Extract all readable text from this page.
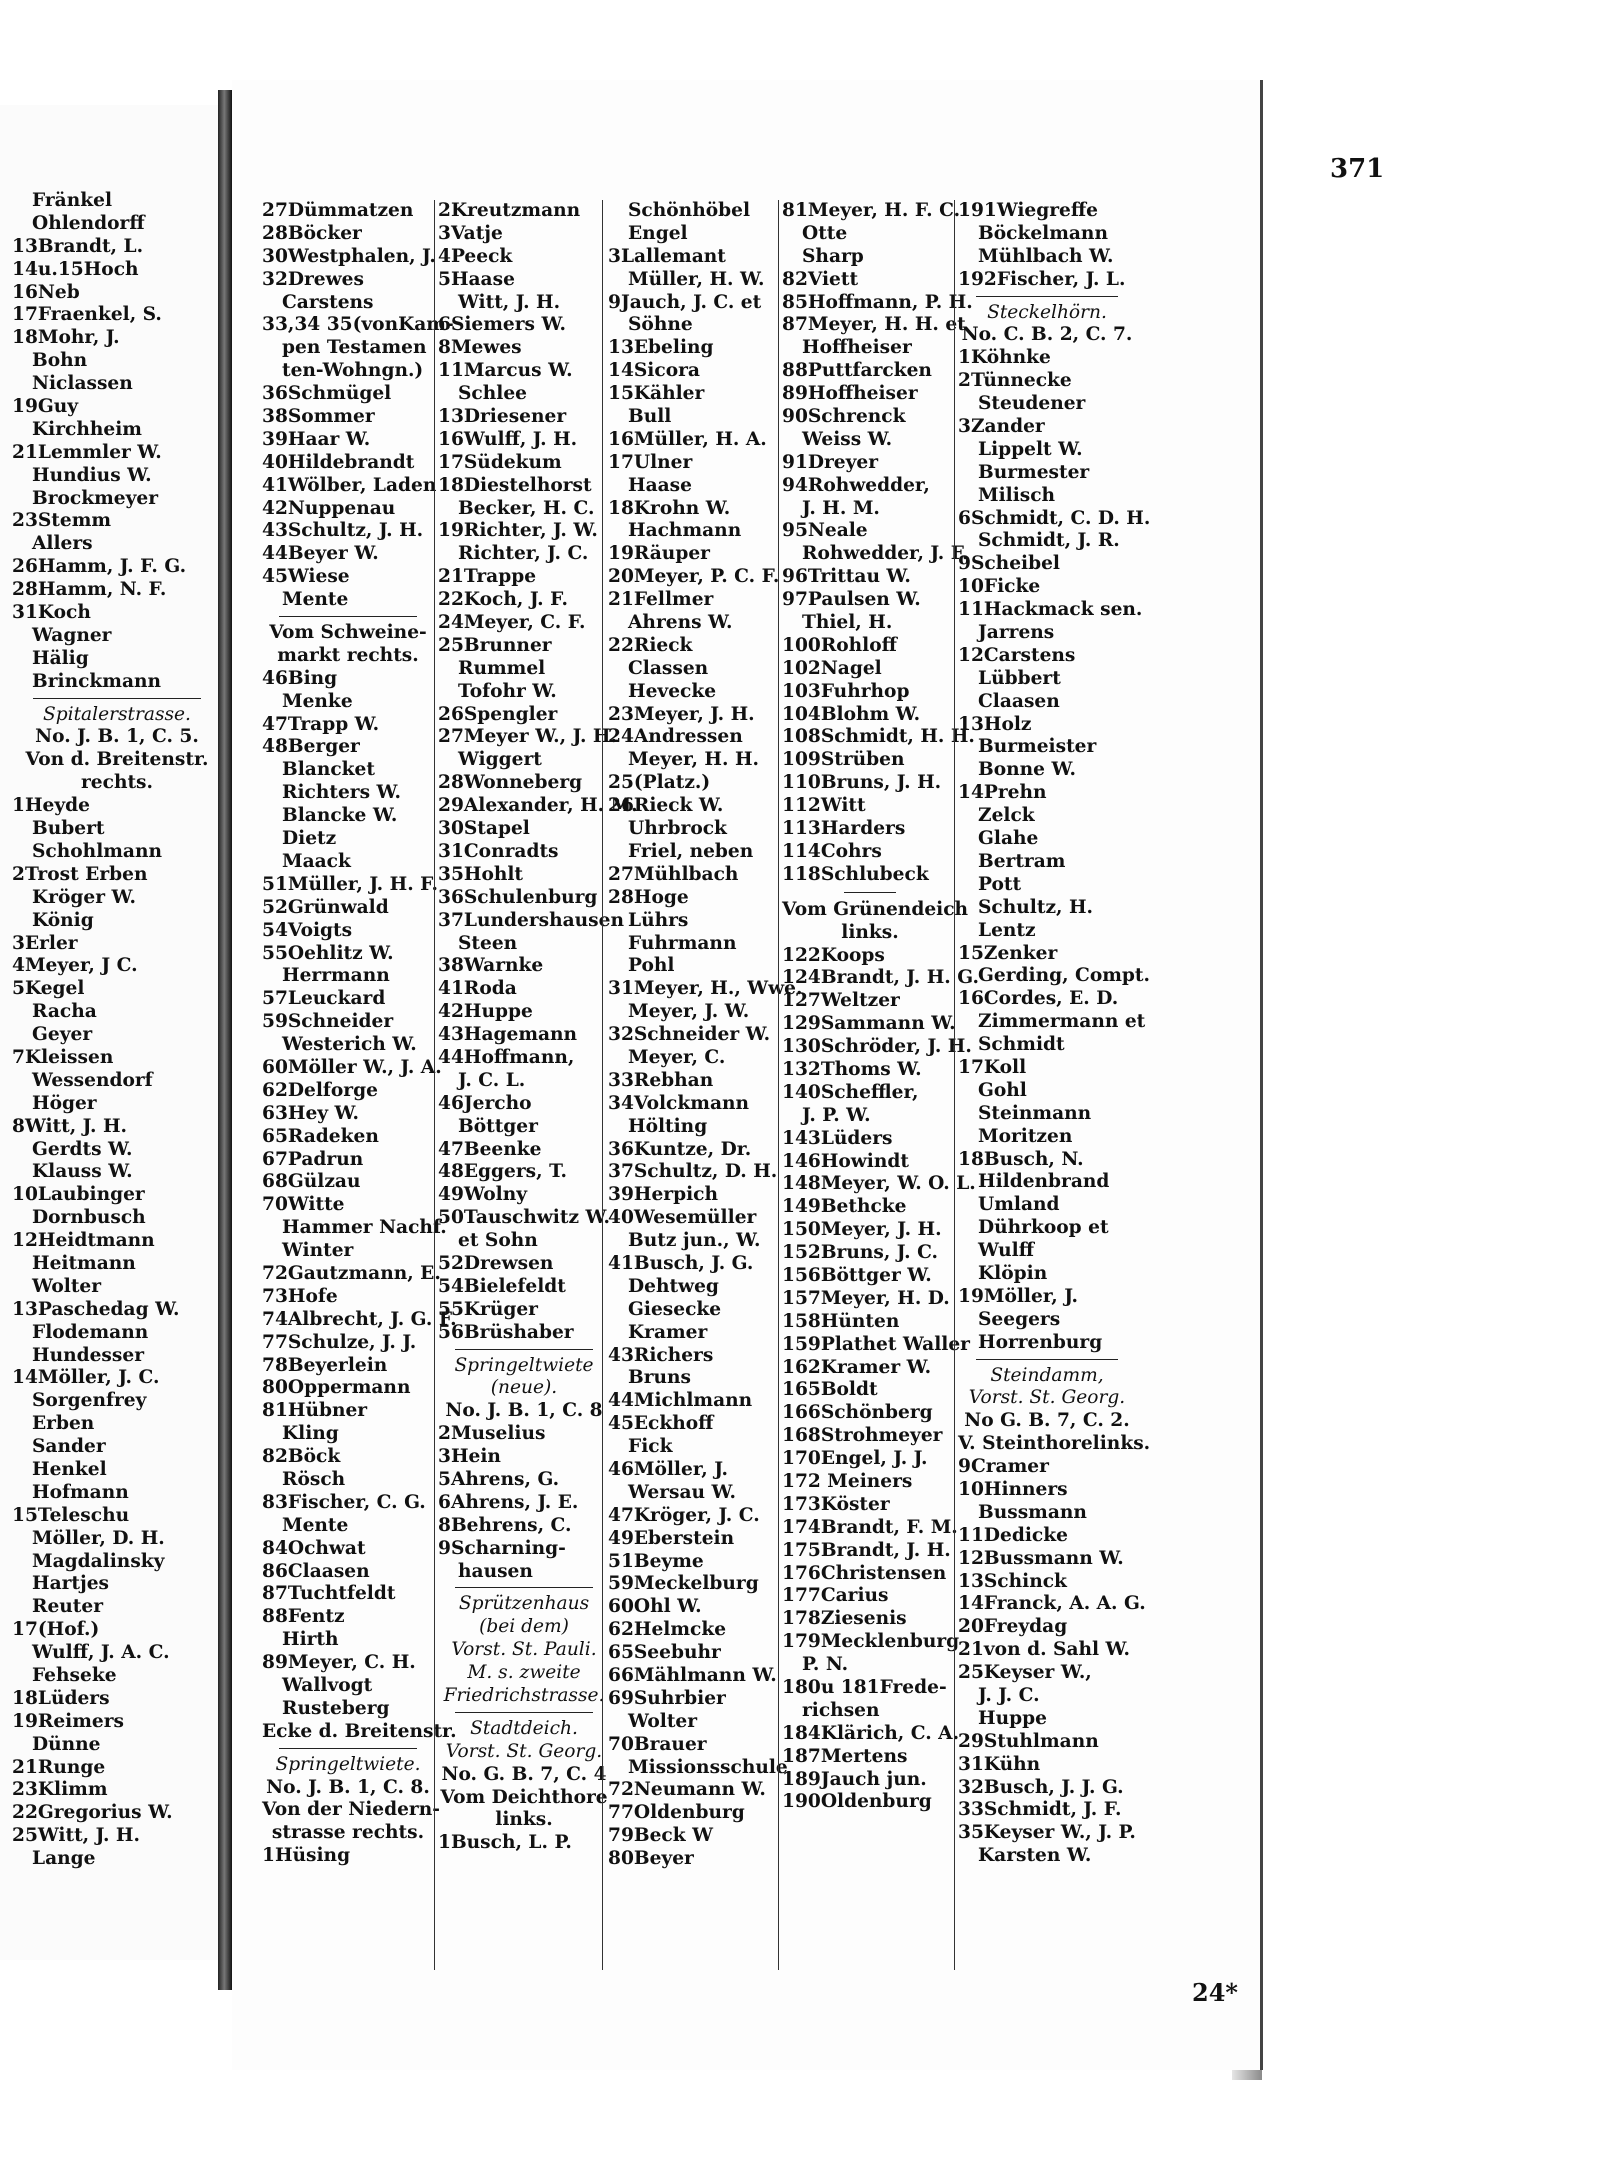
Fränkel
Ohlendorff
13Brandt, L.
14u.15Hoch
16Neb
17Fraenkel, S.
18Mohr, J.
Bohn
Niclassen
19Guy
Kirchheim
21Lemmler W.
Hundius W.
Brockmeyer
23Stemm
Allers
26Hamm, J. F. G.
28Hamm, N. F.
31Koch
Wagner
Hälig
Brinckmann
Spitalerstrasse.
No. J. B. 1, C. 5.
Von d. Breitenstr.
rechts.
1Heyde
Bubert
Schohlmann
2Trost Erben
Kröger W.
König
3Erler
4Meyer, J C.
5Kegel
Racha
Geyer
7Kleissen
Wessendorf
Höger
8Witt, J. H.
Gerdts W.
Klauss W.
10Laubinger
Dornbusch
12Heidtmann
Heitmann
Wolter
13Paschedag W.
Flodemann
Hundesser
14Möller, J. C.
Sorgenfrey
Erben
Sander
Henkel
Hofmann
15Teleschu
Möller, D. H.
Magdalinsky
Hartjes
Reuter
17(Hof.)
Wulff, J. A. C.
Fehseke
18Lüders
19Reimers
Dünne
21Runge
23Klimm
22Gregorius W.
25Witt, J. H.
Lange
371
27Dümmatzen
28Böcker
30Westphalen, J.
32Drewes
Carstens
33,34 35(vonKam-
pen Testamen
ten-Wohngn.)
36Schmügel
38Sommer
39Haar W.
40Hildebrandt
41Wölber, Laden
42Nuppenau
43Schultz, J. H.
44Beyer W.
45Wiese
Mente
Vom Schweine-
markt rechts.
46Bing
Menke
47Trapp W.
48Berger
Blancket
Richters W.
Blancke W.
Dietz
Maack
51Müller, J. H. F.
52Grünwald
54Voigts
55Oehlitz W.
Herrmann
57Leuckard
59Schneider
Westerich W.
60Möller W., J. A.
62Delforge
63Hey W.
65Radeken
67Padrun
68Gülzau
70Witte
Hammer Nachf.
Winter
72Gautzmann, E.
73Hofe
74Albrecht, J. G. F.
77Schulze, J. J.
78Beyerlein
80Oppermann
81Hübner
Kling
82Böck
Rösch
83Fischer, C. G.
Mente
84Ochwat
86Claasen
87Tuchtfeldt
88Fentz
Hirth
89Meyer, C. H.
Wallvogt
Rusteberg
Ecke d. Breitenstr.
Springeltwiete.
No. J. B. 1, C. 8.
Von der Niedern-
strasse rechts.
1Hüsing
2Kreutzmann
3Vatje
4Peeck
5Haase
Witt, J. H.
6Siemers W.
8Mewes
11Marcus W.
Schlee
13Driesener
16Wulff, J. H.
17Südekum
18Diestelhorst
Becker, H. C.
19Richter, J. W.
Richter, J. C.
21Trappe
22Koch, J. F.
24Meyer, C. F.
25Brunner
Rummel
Tofohr W.
26Spengler
27Meyer W., J. H.
Wiggert
28Wonneberg
29Alexander, H. M.
30Stapel
31Conradts
35Hohlt
36Schulenburg
37Lundershausen
Steen
38Warnke
41Roda
42Huppe
43Hagemann
44Hoffmann,
J. C. L.
46Jercho
Böttger
47Beenke
48Eggers, T.
49Wolny
50Tauschwitz W.
et Sohn
52Drewsen
54Bielefeldt
55Krüger
56Brüshaber
Springeltwiete
(neue).
No. J. B. 1, C. 8
2Muselius
3Hein
5Ahrens, G.
6Ahrens, J. E.
8Behrens, C.
9Scharning-
hausen
Sprützenhaus
(bei dem)
Vorst. St. Pauli.
M. s. zweite
Friedrichstrasse.
Stadtdeich.
Vorst. St. Georg.
No. G. B. 7, C. 4
Vom Deichthore
links.
1Busch, L. P.
Schönhöbel
Engel
3Lallemant
Müller, H. W.
9Jauch, J. C. et
Söhne
13Ebeling
14Sicora
15Kähler
Bull
16Müller, H. A.
17Ulner
Haase
18Krohn W.
Hachmann
19Räuper
20Meyer, P. C. F.
21Fellmer
Ahrens W.
22Rieck
Classen
Hevecke
23Meyer, J. H.
24Andressen
Meyer, H. H.
25(Platz.)
26Rieck W.
Uhrbrock
Friel, neben
27Mühlbach
28Hoge
Lührs
Fuhrmann
Pohl
31Meyer, H., Wwe.
Meyer, J. W.
32Schneider W.
Meyer, C.
33Rebhan
34Volckmann
Hölting
36Kuntze, Dr.
37Schultz, D. H.
39Herpich
40Wesemüller
Butz jun., W.
41Busch, J. G.
Dehtweg
Giesecke
Kramer
43Richers
Bruns
44Michlmann
45Eckhoff
Fick
46Möller, J.
Wersau W.
47Kröger, J. C.
49Eberstein
51Beyme
59Meckelburg
60Ohl W.
62Helmcke
65Seebuhr
66Mählmann W.
69Suhrbier
Wolter
70Brauer
Missionsschule
72Neumann W.
77Oldenburg
79Beck W
80Beyer
81Meyer, H. F. C.
Otte
Sharp
82Viett
85Hoffmann, P. H.
87Meyer, H. H. et
Hoffheiser
88Puttfarcken
89Hoffheiser
90Schrenck
Weiss W.
91Dreyer
94Rohwedder,
J. H. M.
95Neale
Rohwedder, J. F.
96Trittau W.
97Paulsen W.
Thiel, H.
100Rohloff
102Nagel
103Fuhrhop
104Blohm W.
108Schmidt, H. H.
109Strüben
110Bruns, J. H.
112Witt
113Harders
114Cohrs
118Schlubeck
Vom Grünendeich
links.
122Koops
124Brandt, J. H. G.
127Weltzer
129Sammann W.
130Schröder, J. H.
132Thoms W.
140Scheffler,
J. P. W.
143Lüders
146Howindt
148Meyer, W. O. L.
149Bethcke
150Meyer, J. H.
152Bruns, J. C.
156Böttger W.
157Meyer, H. D.
158Hünten
159Plathet Waller
162Kramer W.
165Boldt
166Schönberg
168Strohmeyer
170Engel, J. J.
172 Meiners
173Köster
174Brandt, F. M.
175Brandt, J. H.
176Christensen
177Carius
178Ziesenis
179Mecklenburg
P. N.
180u 181Frede-
richsen
184Klärich, C. A.
187Mertens
189Jauch jun.
190Oldenburg
191Wiegreffe
Böckelmann
Mühlbach W.
192Fischer, J. L.
Steckelhörn.
No. C. B. 2, C. 7.
1Köhnke
2Tünnecke
Steudener
3Zander
Lippelt W.
Burmester
Milisch
6Schmidt, C. D. H.
Schmidt, J. R.
9Scheibel
10Ficke
11Hackmack sen.
Jarrens
12Carstens
Lübbert
Claasen
13Holz
Burmeister
Bonne W.
14Prehn
Zelck
Glahe
Bertram
Pott
Schultz, H.
Lentz
15Zenker
Gerding, Compt.
16Cordes, E. D.
Zimmermann et
Schmidt
17Koll
Gohl
Steinmann
Moritzen
18Busch, N.
Hildenbrand
Umland
Dührkoop et
Wulff
Klöpin
19Möller, J.
Seegers
Horrenburg
Steindamm,
Vorst. St. Georg.
No G. B. 7, C. 2.
V. Steinthorelinks.
9Cramer
10Hinners
Bussmann
11Dedicke
12Bussmann W.
13Schinck
14Franck, A. A. G.
20Freydag
21von d. Sahl W.
25Keyser W.,
J. J. C.
Huppe
29Stuhlmann
31Kühn
32Busch, J. J. G.
33Schmidt, J. F.
35Keyser W., J. P.
Karsten W.
24*
